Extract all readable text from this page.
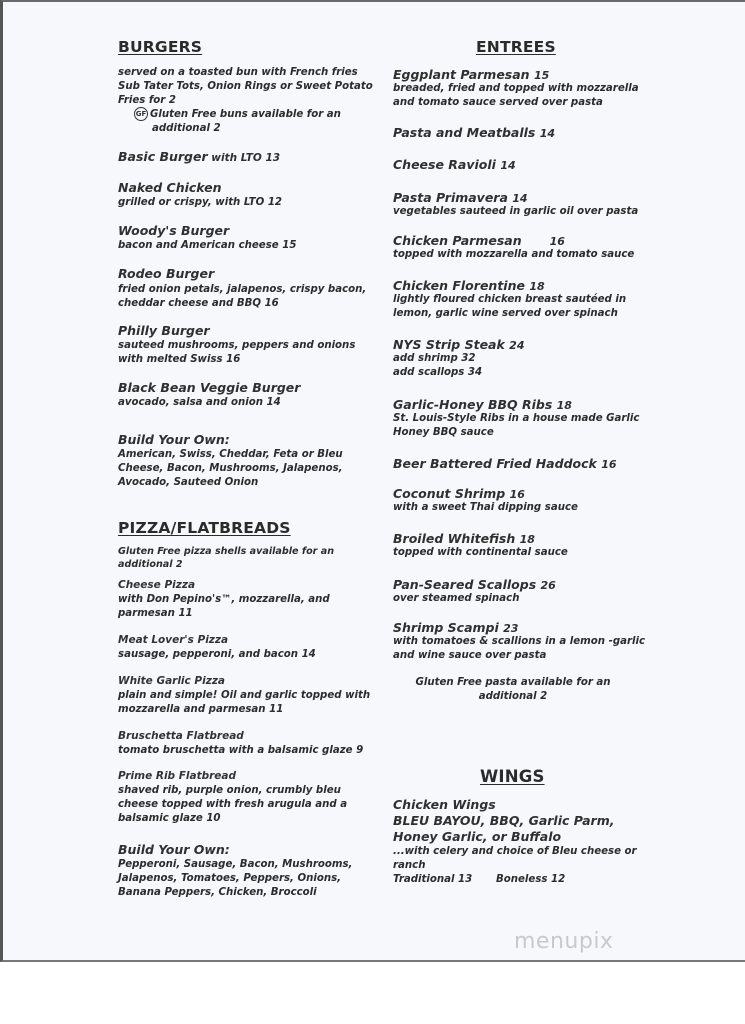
BURGERS
served on a toasted bun with French fries
Sub Tater Tots, Onion Rings or Sweet Potato
Fries for 2
GF Gluten Free buns available for an
additional 2
Basic Burger with LTO 13
Naked Chicken
grilled or crispy, with LTO 12
Woody's Burger
bacon and American cheese 15
Rodeo Burger
fried onion petals, jalapenos, crispy bacon,
cheddar cheese and BBQ 16
Philly Burger
sauteed mushrooms, peppers and onions
with melted Swiss 16
Black Bean Veggie Burger
avocado, salsa and onion 14
Build Your Own:
American, Swiss, Cheddar, Feta or Bleu
Cheese, Bacon, Mushrooms, Jalapenos,
Avocado, Sauteed Onion
PIZZA/FLATBREADS
Gluten Free pizza shells available for an
additional 2
Cheese Pizza
with Don Pepino's™, mozzarella, and
parmesan 11
Meat Lover's Pizza
sausage, pepperoni, and bacon 14
White Garlic Pizza
plain and simple! Oil and garlic topped with
mozzarella and parmesan 11
Bruschetta Flatbread
tomato bruschetta with a balsamic glaze 9
Prime Rib Flatbread
shaved rib, purple onion, crumbly bleu
cheese topped with fresh arugula and a
balsamic glaze 10
Build Your Own:
Pepperoni, Sausage, Bacon, Mushrooms,
Jalapenos, Tomatoes, Peppers, Onions,
Banana Peppers, Chicken, Broccoli
ENTREES
Eggplant Parmesan 15
breaded, fried and topped with mozzarella
and tomato sauce served over pasta
Pasta and Meatballs 14
Cheese Ravioli 14
Pasta Primavera 14
vegetables sauteed in garlic oil over pasta
Chicken Parmesan	16
topped with mozzarella and tomato sauce
Chicken Florentine 18
lightly floured chicken breast sautéed in
lemon, garlic wine served over spinach
NYS Strip Steak 24
add shrimp 32
add scallops 34
Garlic-Honey BBQ Ribs 18
St. Louis-Style Ribs in a house made Garlic
Honey BBQ sauce
Beer Battered Fried Haddock 16
Coconut Shrimp 16
with a sweet Thai dipping sauce
Broiled Whitefish 18
topped with continental sauce
Pan-Seared Scallops 26
over steamed spinach
Shrimp Scampi 23
with tomatoes & scallions in a lemon -garlic
and wine sauce over pasta
Gluten Free pasta available for an
additional 2
WINGS
Chicken Wings
BLEU BAYOU, BBQ, Garlic Parm,
Honey Garlic, or Buffalo
...with celery and choice of Bleu cheese or
ranch
Traditional 13 Boneless 12
menupix
